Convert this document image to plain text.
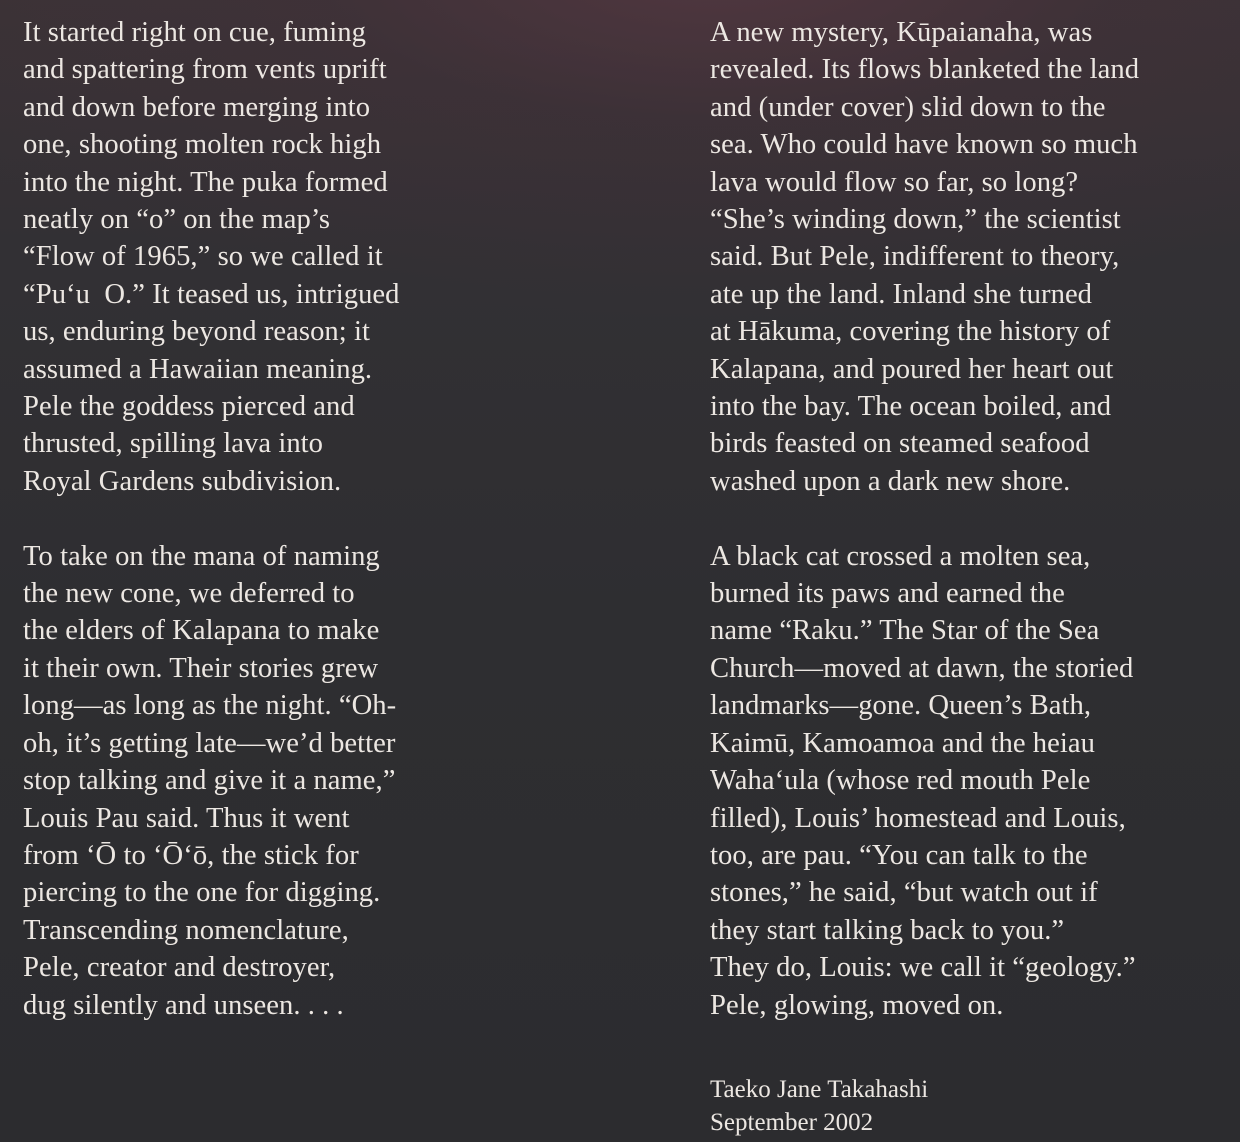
It started right on cue, fuming
and spattering from vents uprift
and down before merging into
one, shooting molten rock high
into the night. The puka formed
neatly on “o” on the map’s
“Flow of 1965,” so we called it
“Pu‘u  O.” It teased us, intrigued
us, enduring beyond reason; it
assumed a Hawaiian meaning.
Pele the goddess pierced and
thrusted, spilling lava into
Royal Gardens subdivision.
To take on the mana of naming
the new cone, we deferred to
the elders of Kalapana to make
it their own. Their stories grew
long—as long as the night. “Oh-
oh, it’s getting late—we’d better
stop talking and give it a name,”
Louis Pau said. Thus it went
from ‘Ō to ‘Ō‘ō, the stick for
piercing to the one for digging.
Transcending nomenclature,
Pele, creator and destroyer,
dug silently and unseen. . . .
A new mystery, Kūpaianaha, was
revealed. Its flows blanketed the land
and (under cover) slid down to the
sea. Who could have known so much
lava would flow so far, so long?
“She’s winding down,” the scientist
said. But Pele, indifferent to theory,
ate up the land. Inland she turned
at Hākuma, covering the history of
Kalapana, and poured her heart out
into the bay. The ocean boiled, and
birds feasted on steamed seafood
washed upon a dark new shore.
A black cat crossed a molten sea,
burned its paws and earned the
name “Raku.” The Star of the Sea
Church—moved at dawn, the storied
landmarks—gone. Queen’s Bath,
Kaimū, Kamoamoa and the heiau
Waha‘ula (whose red mouth Pele
filled), Louis’ homestead and Louis,
too, are pau. “You can talk to the
stones,” he said, “but watch out if
they start talking back to you.”
They do, Louis: we call it “geology.”
Pele, glowing, moved on.
Taeko Jane Takahashi
September 2002
